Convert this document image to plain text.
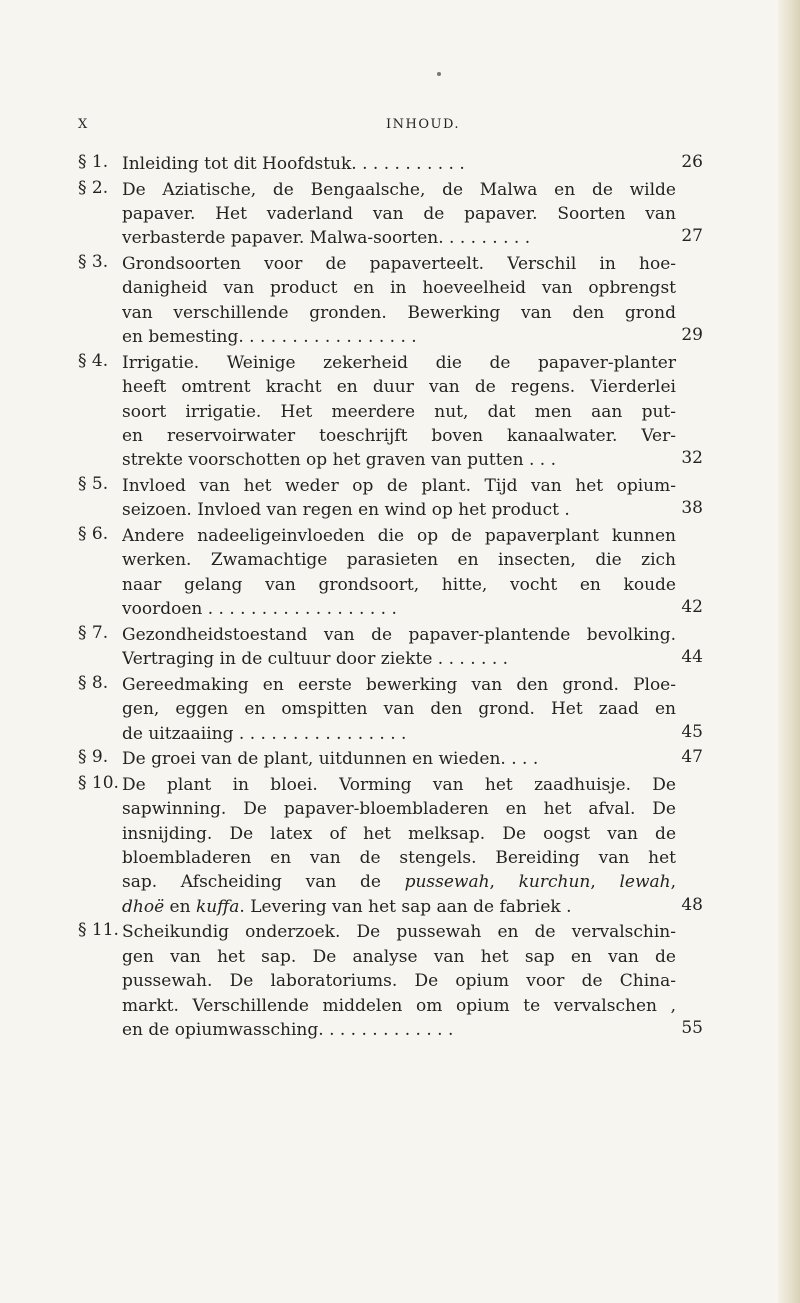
X	INHOUD.
§ 1. Inleiding tot dit Hoofdstuk. . . . . . . . . . .	26
§ 2. De Aziatische, de Bengaalsche, de Malwa en de wilde
papaver. Het vaderland van de papaver. Soorten van
verbasterde papaver. Malwa-soorten. . . . . . . . .	27
§ 3. Grondsoorten voor de papaverteelt. Verschil in hoe-
danigheid van product en in hoeveelheid van opbrengst
van verschillende gronden. Bewerking van den grond
en bemesting. . . . . . . . . . . . . . . . .	29
§ 4. Irrigatie. Weinige zekerheid die de papaver-planter
heeft omtrent kracht en duur van de regens. Vierderlei
soort irrigatie. Het meerdere nut, dat men aan put-
en reservoirwater toeschrijft boven kanaalwater. Ver-
strekte voorschotten op het graven van putten . . .	32
§ 5. Invloed van het weder op de plant. Tijd van het opium-
seizoen. Invloed van regen en wind op het product .	38
§ 6. Andere nadeeligeinvloeden die op de papaverplant kunnen
werken. Zwamachtige parasieten en insecten, die zich
naar gelang van grondsoort, hitte, vocht en koude
voordoen . . . . . . . . . . . . . . . . . .	42
§ 7. Gezondheidstoestand van de papaver-plantende bevolking.
Vertraging in de cultuur door ziekte . . . . . . .	44
§ 8. Gereedmaking en eerste bewerking van den grond. Ploe-
gen, eggen en omspitten van den grond. Het zaad en
de uitzaaiing . . . . . . . . . . . . . . . .	45
§ 9. De groei van de plant, uitdunnen en wieden. . . .	47
§ 10. De plant in bloei. Vorming van het zaadhuisje. De
sapwinning. De papaver-bloembladeren en het afval. De
insnijding. De latex of het melksap. De oogst van de
bloembladeren en van de stengels. Bereiding van het
sap. Afscheiding van de pussewah, kurchun, lewah,
dhoë en kuffa. Levering van het sap aan de fabriek .	48
§ 11. Scheikundig onderzoek. De pussewah en de vervalschin-
gen van het sap. De analyse van het sap en van de
pussewah. De laboratoriums. De opium voor de China-
markt. Verschillende middelen om opium te vervalschen ,
en de opiumwassching. . . . . . . . . . . . .	55
